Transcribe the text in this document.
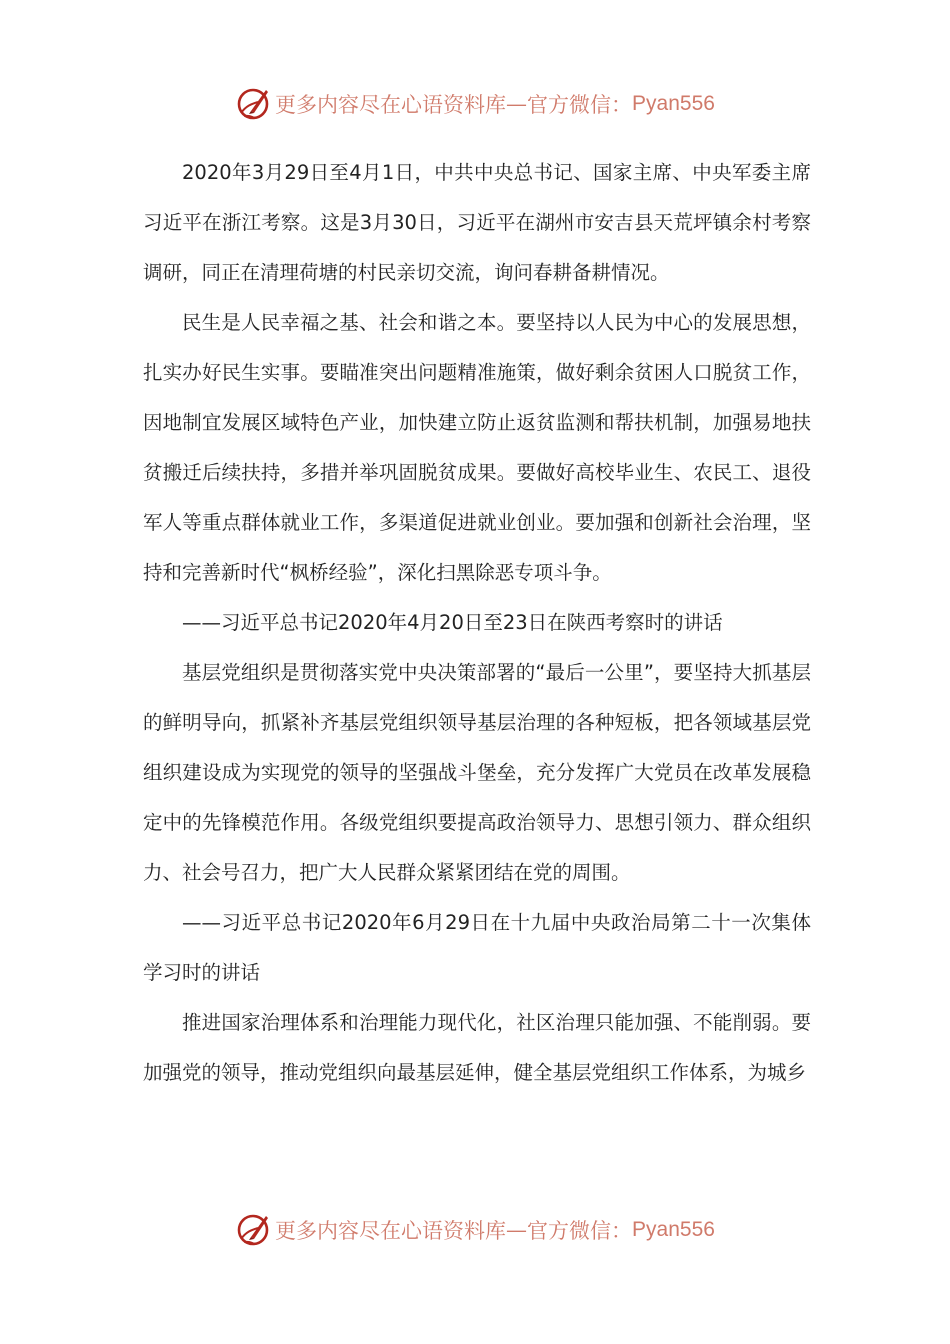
更多内容尽在心语资料库 — 官方微信： Pyan556

2020年3月29日至4月1日，中共中央总书记、国家主席、中央军委主席习近平在浙江考察。这是3月30日，习近平在湖州市安吉县天荒坪镇余村考察调研，同正在清理荷塘的村民亲切交流，询问春耕备耕情况。

民生是人民幸福之基、社会和谐之本。要坚持以人民为中心的发展思想，扎实办好民生实事。要瞄准突出问题精准施策，做好剩余贫困人口脱贫工作，因地制宜发展区域特色产业，加快建立防止返贫监测和帮扶机制，加强易地扶贫搬迁后续扶持，多措并举巩固脱贫成果。要做好高校毕业生、农民工、退役军人等重点群体就业工作，多渠道促进就业创业。要加强和创新社会治理，坚持和完善新时代“枫桥经验”，深化扫黑除恶专项斗争。

——习近平总书记2020年4月20日至23日在陕西考察时的讲话

基层党组织是贯彻落实党中央决策部署的“最后一公里”，要坚持大抓基层的鲜明导向，抓紧补齐基层党组织领导基层治理的各种短板，把各领域基层党组织建设成为实现党的领导的坚强战斗堡垒，充分发挥广大党员在改革发展稳定中的先锋模范作用。各级党组织要提高政治领导力、思想引领力、群众组织力、社会号召力，把广大人民群众紧紧团结在党的周围。

——习近平总书记2020年6月29日在十九届中央政治局第二十一次集体学习时的讲话

推进国家治理体系和治理能力现代化，社区治理只能加强、不能削弱。要加强党的领导，推动党组织向最基层延伸，健全基层党组织工作体系，为城乡

更多内容尽在心语资料库 — 官方微信： Pyan556
